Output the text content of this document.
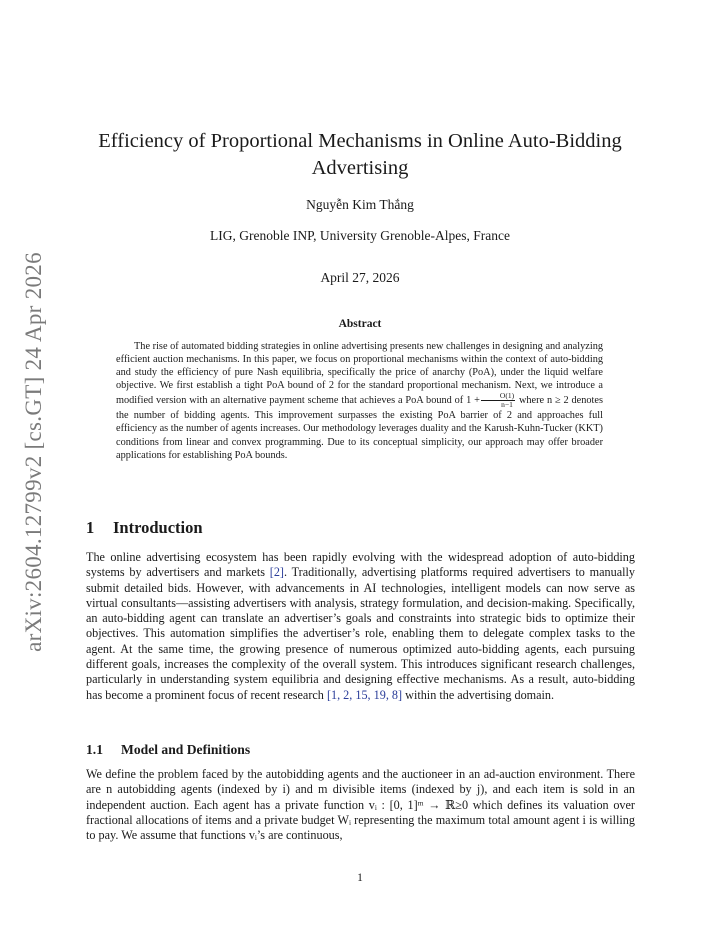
arXiv:2604.12799v2 [cs.GT] 24 Apr 2026
Efficiency of Proportional Mechanisms in Online Auto-Bidding Advertising
Nguyễn Kim Thắng
LIG, Grenoble INP, University Grenoble-Alpes, France
April 27, 2026
Abstract
The rise of automated bidding strategies in online advertising presents new challenges in designing and analyzing efficient auction mechanisms. In this paper, we focus on proportional mechanisms within the context of auto-bidding and study the efficiency of pure Nash equilibria, specifically the price of anarchy (PoA), under the liquid welfare objective. We first establish a tight PoA bound of 2 for the standard proportional mechanism. Next, we introduce a modified version with an alternative payment scheme that achieves a PoA bound of $1 + \frac{O(1)}{n-1}$ where n ≥ 2 denotes the number of bidding agents. This improvement surpasses the existing PoA barrier of 2 and approaches full efficiency as the number of agents increases. Our methodology leverages duality and the Karush-Kuhn-Tucker (KKT) conditions from linear and convex programming. Due to its conceptual simplicity, our approach may offer broader applications for establishing PoA bounds.
1 Introduction
The online advertising ecosystem has been rapidly evolving with the widespread adoption of auto-bidding systems by advertisers and markets [2]. Traditionally, advertising platforms required advertisers to manually submit detailed bids. However, with advancements in AI technologies, intelligent models can now serve as virtual consultants—assisting advertisers with analysis, strategy formulation, and decision-making. Specifically, an auto-bidding agent can translate an advertiser’s goals and constraints into strategic bids to optimize their objectives. This automation simplifies the advertiser’s role, enabling them to delegate complex tasks to the agent. At the same time, the growing presence of numerous optimized auto-bidding agents, each pursuing different goals, increases the complexity of the overall system. This introduces significant research challenges, particularly in understanding system equilibria and designing effective mechanisms. As a result, auto-bidding has become a prominent focus of recent research [1, 2, 15, 19, 8] within the advertising domain.
1.1 Model and Definitions
We define the problem faced by the autobidding agents and the auctioneer in an ad-auction environment. There are n autobidding agents (indexed by i) and m divisible items (indexed by j), and each item is sold in an independent auction. Each agent has a private function vᵢ : [0, 1]ᵐ → ℝ≥0 which defines its valuation over fractional allocations of items and a private budget Wᵢ representing the maximum total amount agent i is willing to pay. We assume that functions vᵢ’s are continuous,
1
